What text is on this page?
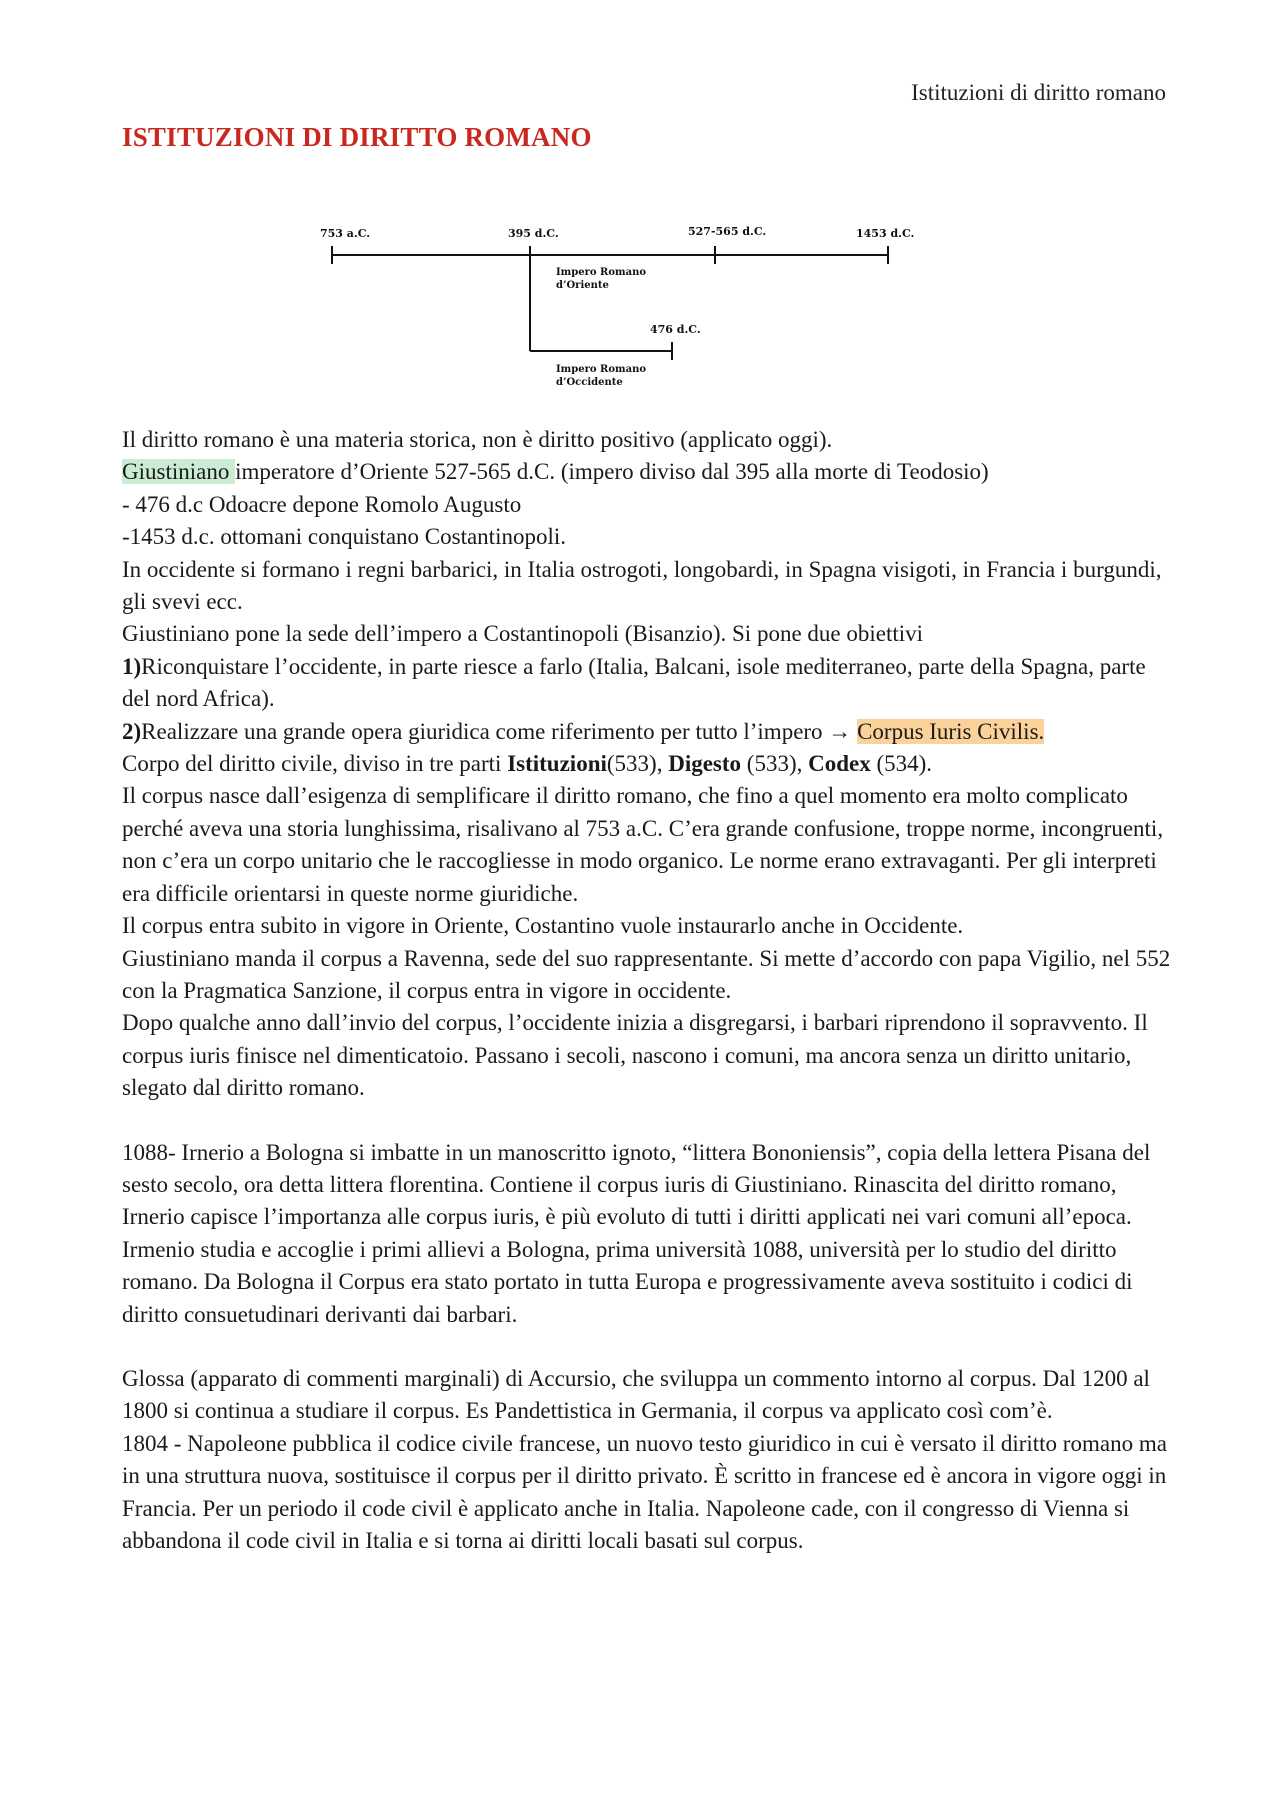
Istituzioni di diritto romano
ISTITUZIONI DI DIRITTO ROMANO
753 a.C.	395 d.C.	527-565 d.C.	1453 d.C.
476 d.C.
Impero Romano
d’Oriente
Impero Romano
d’Occidente

Il diritto romano è una materia storica, non è diritto positivo (applicato oggi).

Giustiniano imperatore d’Oriente 527-565 d.C. (impero diviso dal 395 alla morte di Teodosio)

- 476 d.c Odoacre depone Romolo Augusto

-1453 d.c. ottomani conquistano Costantinopoli.

In occidente si formano i regni barbarici, in Italia ostrogoti, longobardi, in Spagna visigoti, in Francia i burgundi, gli svevi ecc.

Giustiniano pone la sede dell’impero a Costantinopoli (Bisanzio). Si pone due obiettivi

1)Riconquistare l’occidente, in parte riesce a farlo (Italia, Balcani, isole mediterraneo, parte della Spagna, parte del nord Africa).

2)Realizzare una grande opera giuridica come riferimento per tutto l’impero → Corpus Iuris Civilis.

Corpo del diritto civile, diviso in tre parti Istituzioni(533), Digesto (533), Codex (534).

Il corpus nasce dall’esigenza di semplificare il diritto romano, che fino a quel momento era molto complicato perché aveva una storia lunghissima, risalivano al 753 a.C. C’era grande confusione, troppe norme, incongruenti, non c’era un corpo unitario che le raccogliesse in modo organico. Le norme erano extravaganti. Per gli interpreti era difficile orientarsi in queste norme giuridiche.

Il corpus entra subito in vigore in Oriente, Costantino vuole instaurarlo anche in Occidente.

Giustiniano manda il corpus a Ravenna, sede del suo rappresentante. Si mette d’accordo con papa Vigilio, nel 552 con la Pragmatica Sanzione, il corpus entra in vigore in occidente.

Dopo qualche anno dall’invio del corpus, l’occidente inizia a disgregarsi, i barbari riprendono il sopravvento. Il corpus iuris finisce nel dimenticatoio. Passano i secoli, nascono i comuni, ma ancora senza un diritto unitario, slegato dal diritto romano.

1088- Irnerio a Bologna si imbatte in un manoscritto ignoto, “littera Bononiensis”, copia della lettera Pisana del sesto secolo, ora detta littera florentina. Contiene il corpus iuris di Giustiniano. Rinascita del diritto romano, Irnerio capisce l’importanza alle corpus iuris, è più evoluto di tutti i diritti applicati nei vari comuni all’epoca. Irmenio studia e accoglie i primi allievi a Bologna, prima università 1088, università per lo studio del diritto romano. Da Bologna il Corpus era stato portato in tutta Europa e progressivamente aveva sostituito i codici di diritto consuetudinari derivanti dai barbari.

Glossa (apparato di commenti marginali) di Accursio, che sviluppa un commento intorno al corpus. Dal 1200 al 1800 si continua a studiare il corpus. Es Pandettistica in Germania, il corpus va applicato così com’è.

1804 - Napoleone pubblica il codice civile francese, un nuovo testo giuridico in cui è versato il diritto romano ma in una struttura nuova, sostituisce il corpus per il diritto privato. È scritto in francese ed è ancora in vigore oggi in Francia. Per un periodo il code civil è applicato anche in Italia. Napoleone cade, con il congresso di Vienna si abbandona il code civil in Italia e si torna ai diritti locali basati sul corpus.
